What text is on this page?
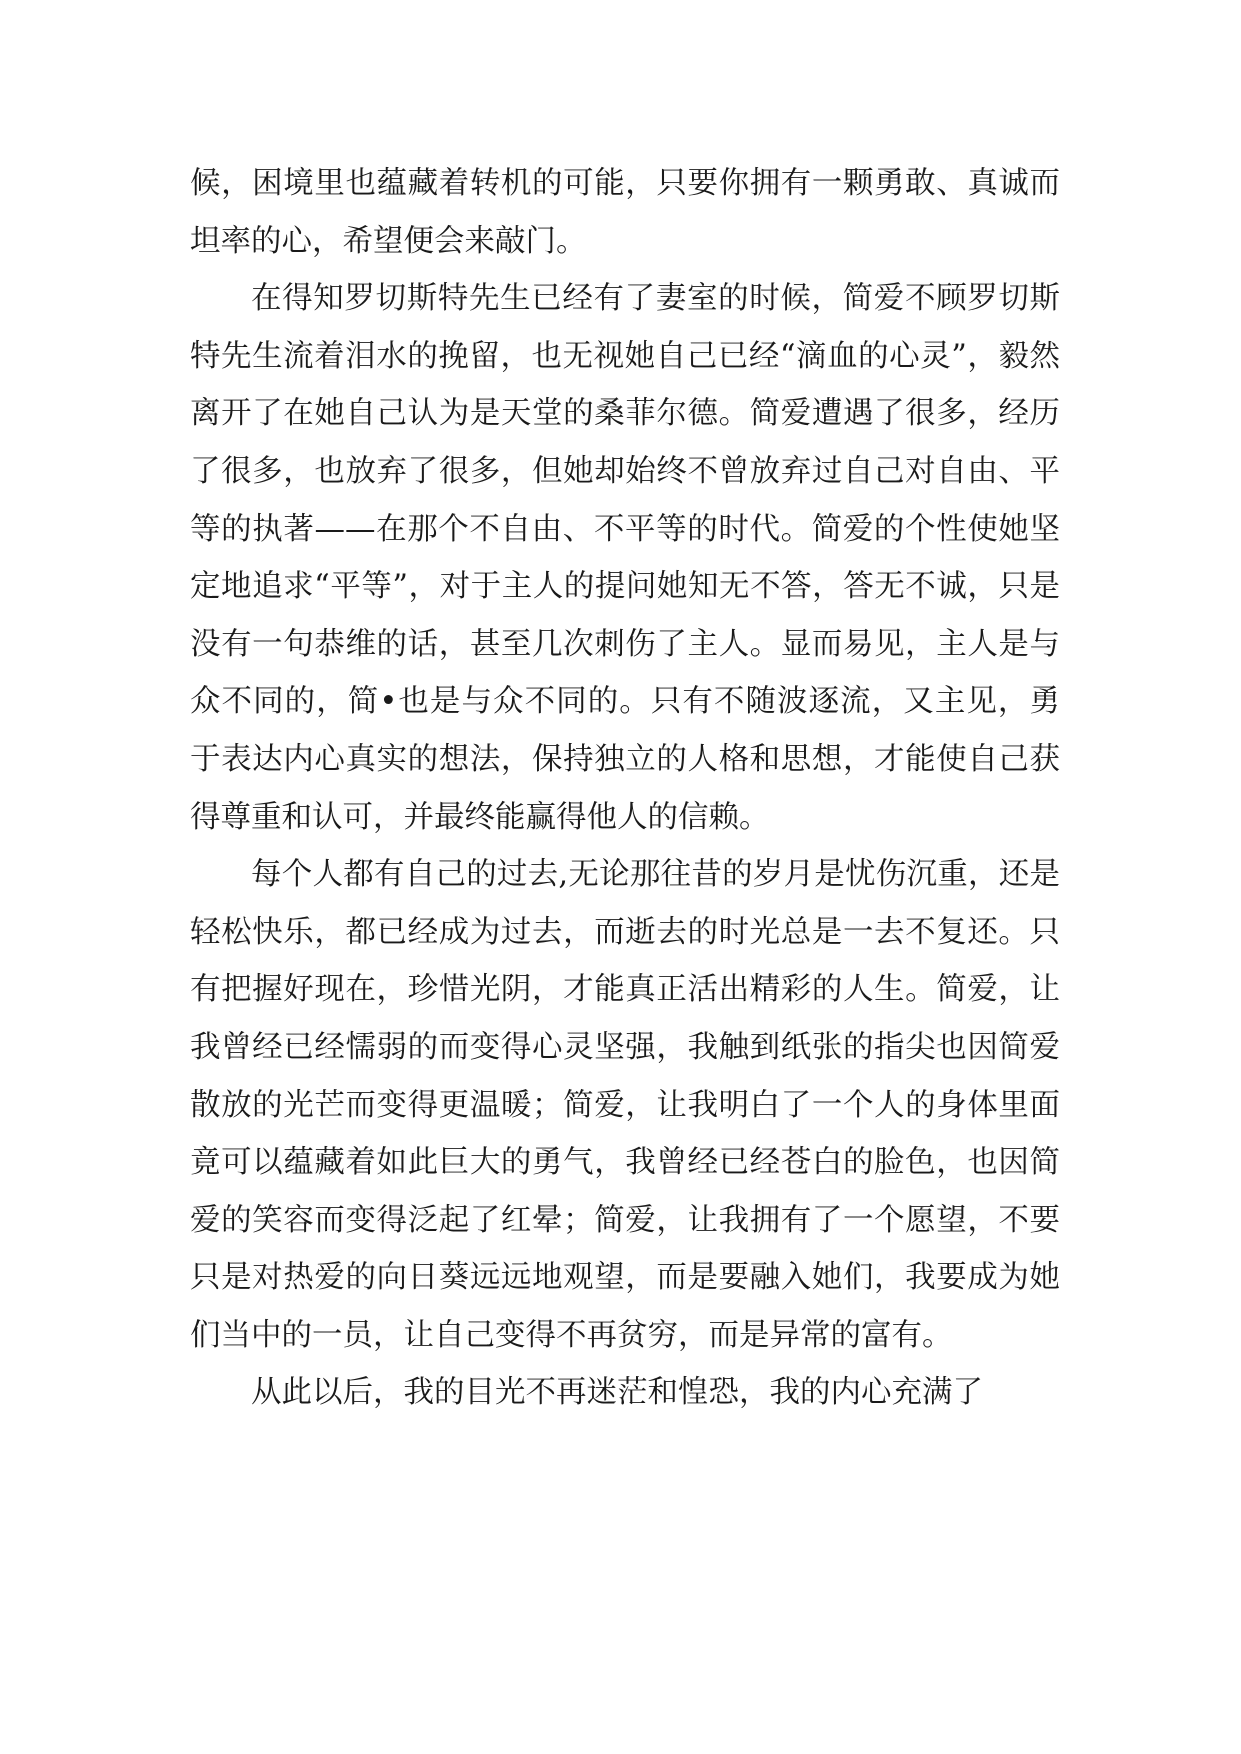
候，困境里也蕴藏着转机的可能，只要你拥有一颗勇敢、真诚而坦率的心，希望便会来敲门。

在得知罗切斯特先生已经有了妻室的时候，简爱不顾罗切斯特先生流着泪水的挽留，也无视她自己已经“滴血的心灵”，毅然离开了在她自己认为是天堂的桑菲尔德。简爱遭遇了很多，经历了很多，也放弃了很多，但她却始终不曾放弃过自己对自由、平等的执著——在那个不自由、不平等的时代。简爱的个性使她坚定地追求“平等”，对于主人的提问她知无不答，答无不诚，只是没有一句恭维的话，甚至几次刺伤了主人。显而易见，主人是与众不同的，简•也是与众不同的。只有不随波逐流，又主见，勇于表达内心真实的想法，保持独立的人格和思想，才能使自己获得尊重和认可，并最终能赢得他人的信赖。

每个人都有自己的过去,无论那往昔的岁月是忧伤沉重，还是轻松快乐，都已经成为过去，而逝去的时光总是一去不复还。只有把握好现在，珍惜光阴，才能真正活出精彩的人生。简爱，让我曾经已经懦弱的而变得心灵坚强，我触到纸张的指尖也因简爱散放的光芒而变得更温暖；简爱，让我明白了一个人的身体里面竟可以蕴藏着如此巨大的勇气，我曾经已经苍白的脸色，也因简爱的笑容而变得泛起了红晕；简爱，让我拥有了一个愿望，不要只是对热爱的向日葵远远地观望，而是要融入她们，我要成为她们当中的一员，让自己变得不再贫穷，而是异常的富有。

从此以后，我的目光不再迷茫和惶恐，我的内心充满了
